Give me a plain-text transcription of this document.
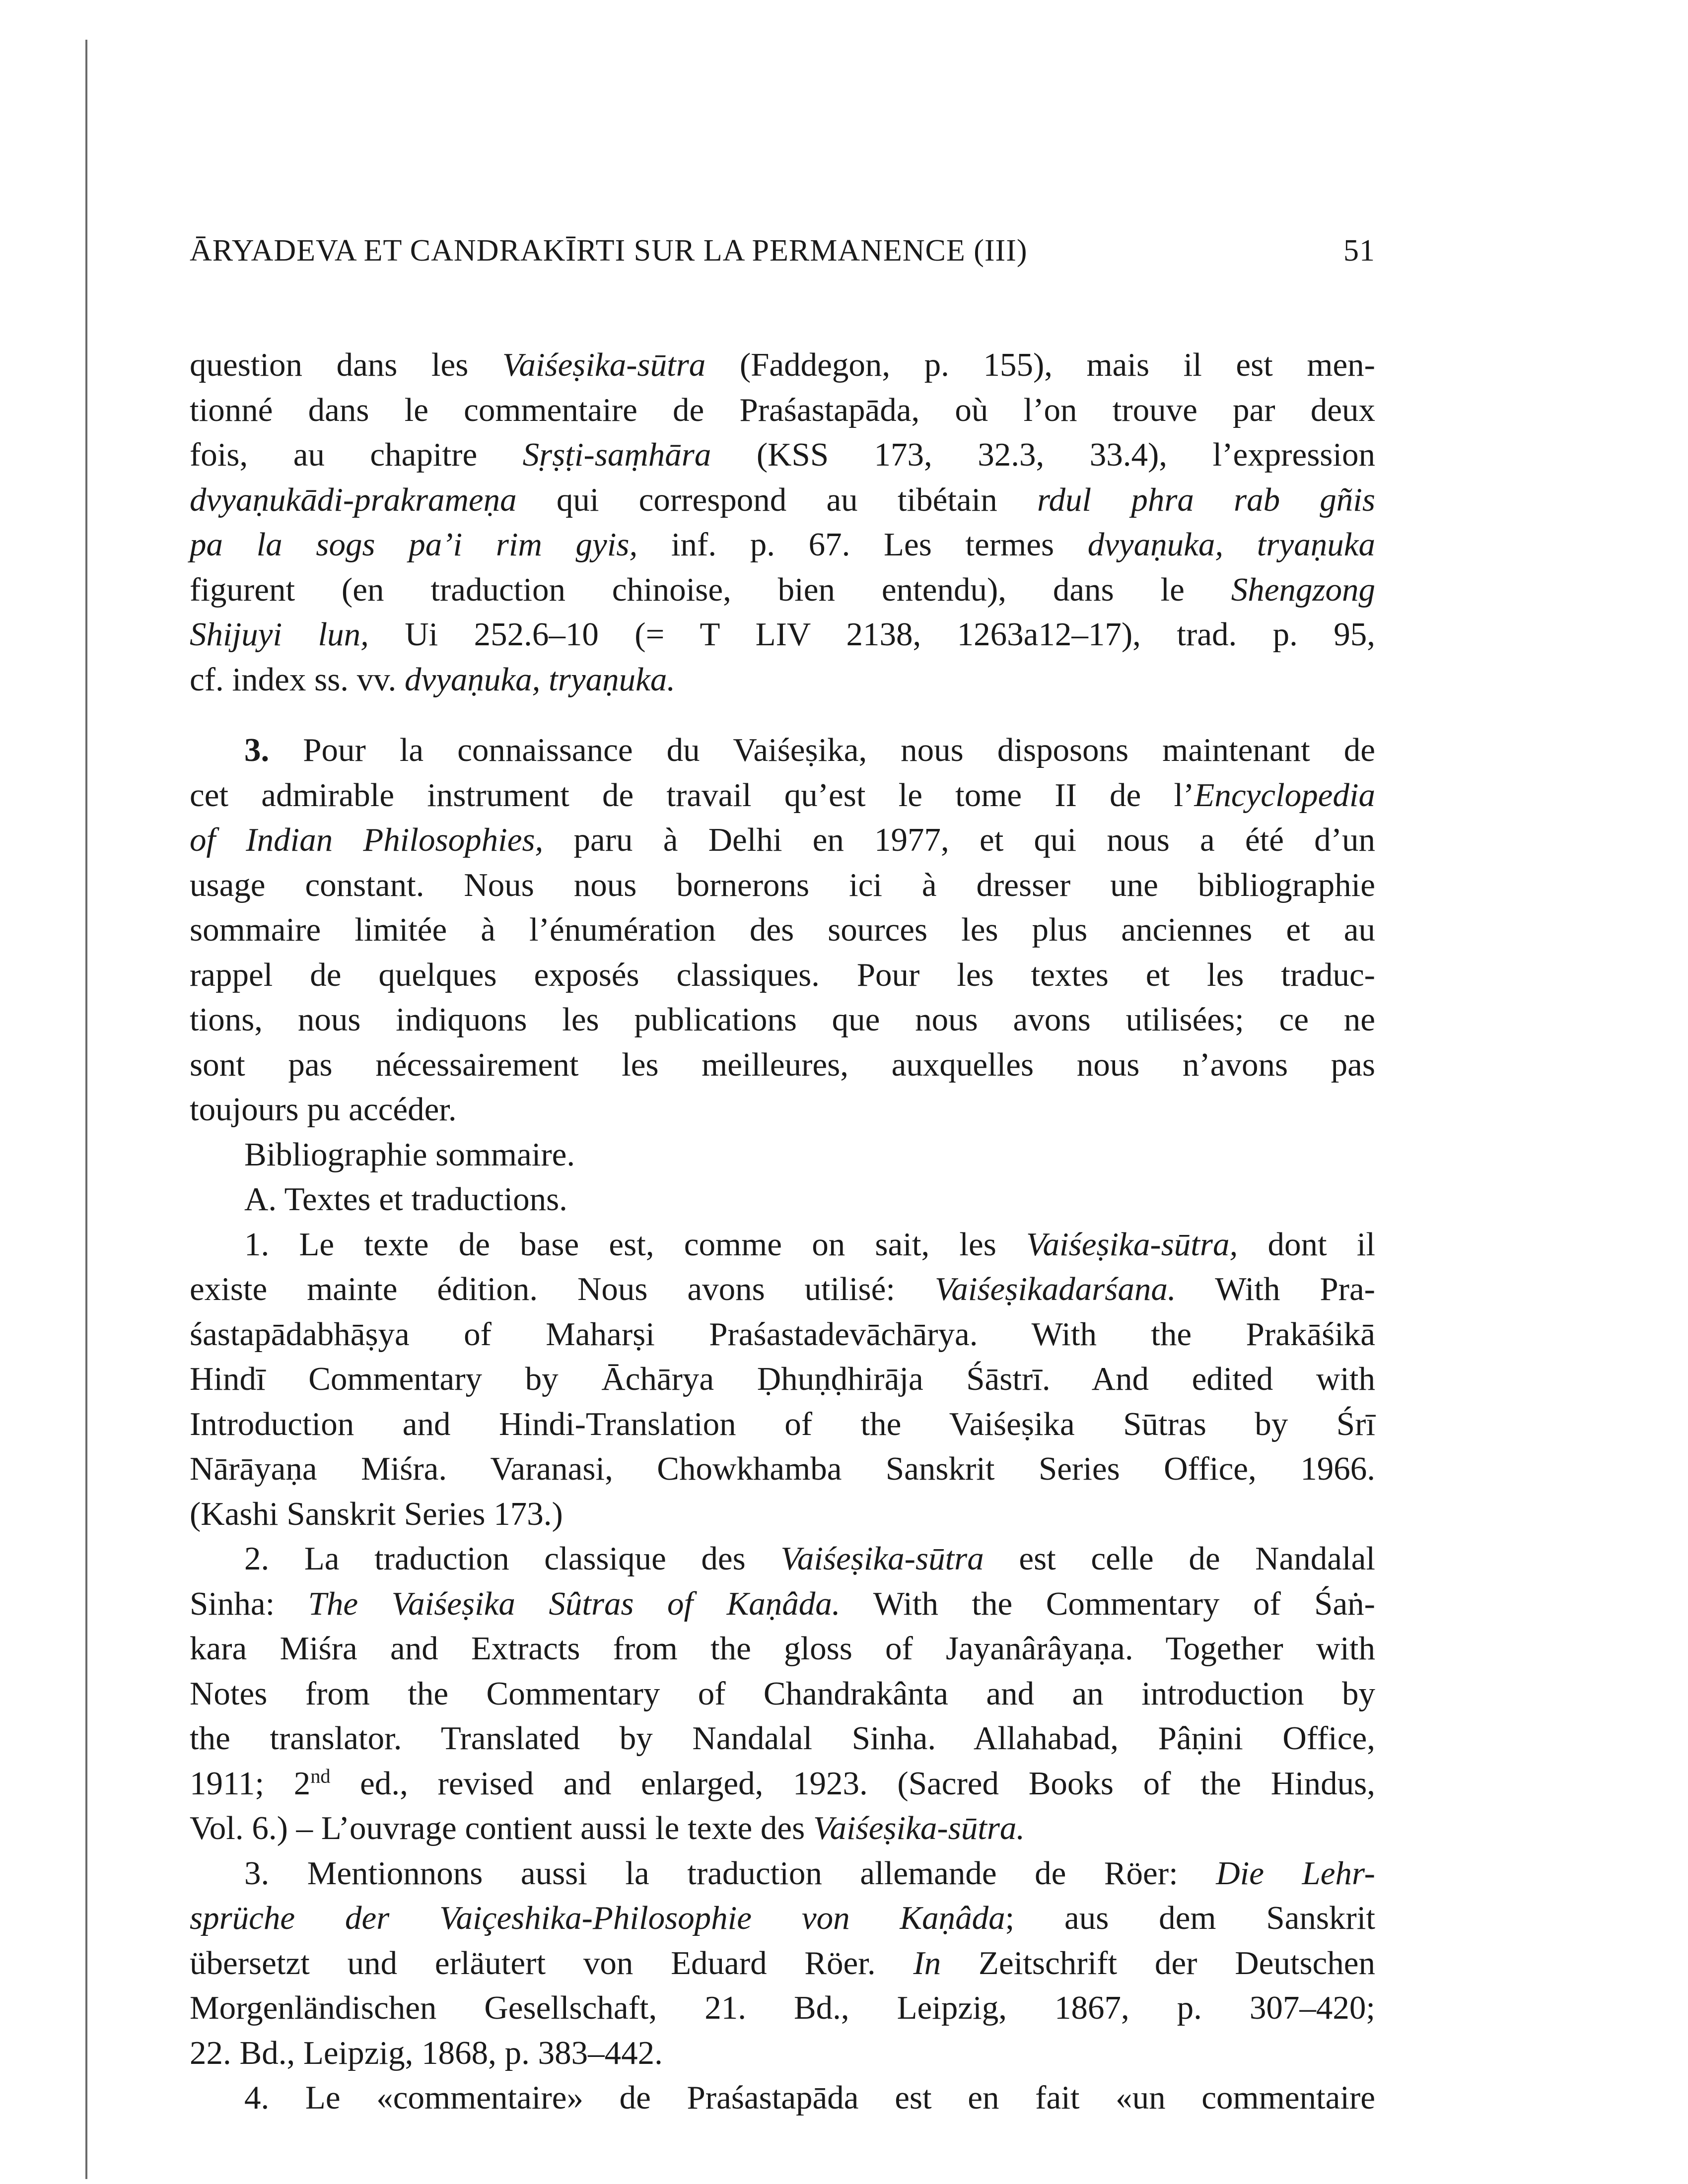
ĀRYADEVA ET CANDRAKĪRTI SUR LA PERMANENCE (III)	51
question dans les Vaiśeṣika-sūtra (Faddegon, p. 155), mais il est men-
tionné dans le commentaire de Praśastapāda, où l’on trouve par deux
fois, au chapitre Sṛṣṭi-saṃhāra (KSS 173, 32.3, 33.4), l’expression
dvyaṇukādi-prakrameṇa qui correspond au tibétain rdul phra rab gñis
pa la sogs pa’i rim gyis, inf. p. 67. Les termes dvyaṇuka, tryaṇuka
figurent (en traduction chinoise, bien entendu), dans le Shengzong
Shijuyi lun, Ui 252.6–10 (= T LIV 2138, 1263a12–17), trad. p. 95,
cf. index ss. vv. dvyaṇuka, tryaṇuka.
3. Pour la connaissance du Vaiśeṣika, nous disposons maintenant de
cet admirable instrument de travail qu’est le tome II de l’Encyclopedia
of Indian Philosophies, paru à Delhi en 1977, et qui nous a été d’un
usage constant. Nous nous bornerons ici à dresser une bibliographie
sommaire limitée à l’énumération des sources les plus anciennes et au
rappel de quelques exposés classiques. Pour les textes et les traduc-
tions, nous indiquons les publications que nous avons utilisées; ce ne
sont pas nécessairement les meilleures, auxquelles nous n’avons pas
toujours pu accéder.
Bibliographie sommaire.
A. Textes et traductions.
1. Le texte de base est, comme on sait, les Vaiśeṣika-sūtra, dont il
existe mainte édition. Nous avons utilisé: Vaiśeṣikadarśana. With Pra-
śastapādabhāṣya of Maharṣi Praśastadevāchārya. With the Prakāśikā
Hindī Commentary by Āchārya Ḍhuṇḍhirāja Śāstrī. And edited with
Introduction and Hindi-Translation of the Vaiśeṣika Sūtras by Śrī
Nārāyaṇa Miśra. Varanasi, Chowkhamba Sanskrit Series Office, 1966.
(Kashi Sanskrit Series 173.)
2. La traduction classique des Vaiśeṣika-sūtra est celle de Nandalal
Sinha: The Vaiśeṣika Sûtras of Kaṇâda. With the Commentary of Śaṅ-
kara Miśra and Extracts from the gloss of Jayanârâyaṇa. Together with
Notes from the Commentary of Chandrakânta and an introduction by
the translator. Translated by Nandalal Sinha. Allahabad, Pâṇini Office,
1911; 2nd ed., revised and enlarged, 1923. (Sacred Books of the Hindus,
Vol. 6.) – L’ouvrage contient aussi le texte des Vaiśeṣika-sūtra.
3. Mentionnons aussi la traduction allemande de Röer: Die Lehr-
sprüche der Vaiçeshika-Philosophie von Kaṇâda; aus dem Sanskrit
übersetzt und erläutert von Eduard Röer. In Zeitschrift der Deutschen
Morgenländischen Gesellschaft, 21. Bd., Leipzig, 1867, p. 307–420;
22. Bd., Leipzig, 1868, p. 383–442.
4. Le «commentaire» de Praśastapāda est en fait «un commentaire
